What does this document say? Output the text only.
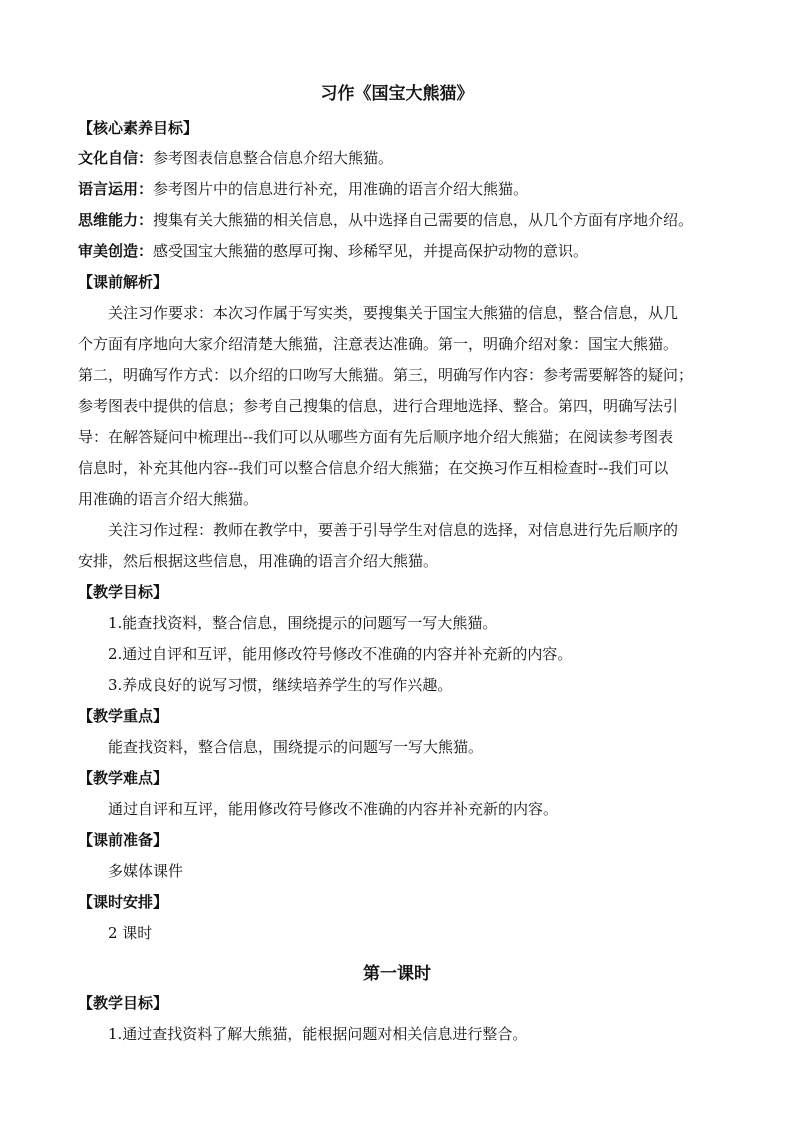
习作《国宝大熊猫》
【核心素养目标】
文化自信：参考图表信息整合信息介绍大熊猫。
语言运用：参考图片中的信息进行补充，用准确的语言介绍大熊猫。
思维能力：搜集有关大熊猫的相关信息，从中选择自己需要的信息，从几个方面有序地介绍。
审美创造：感受国宝大熊猫的憨厚可掬、珍稀罕见，并提高保护动物的意识。
【课前解析】
关注习作要求：本次习作属于写实类，要搜集关于国宝大熊猫的信息，整合信息，从几
个方面有序地向大家介绍清楚大熊猫，注意表达准确。第一，明确介绍对象：国宝大熊猫。
第二，明确写作方式：以介绍的口吻写大熊猫。第三，明确写作内容：参考需要解答的疑问；
参考图表中提供的信息；参考自己搜集的信息，进行合理地选择、整合。第四，明确写法引
导：在解答疑问中梳理出--我们可以从哪些方面有先后顺序地介绍大熊猫；在阅读参考图表
信息时，补充其他内容--我们可以整合信息介绍大熊猫；在交换习作互相检查时--我们可以
用准确的语言介绍大熊猫。
关注习作过程：教师在教学中，要善于引导学生对信息的选择，对信息进行先后顺序的
安排，然后根据这些信息，用准确的语言介绍大熊猫。
【教学目标】
1.能查找资料，整合信息，围绕提示的问题写一写大熊猫。
2.通过自评和互评，能用修改符号修改不准确的内容并补充新的内容。
3.养成良好的说写习惯，继续培养学生的写作兴趣。
【教学重点】
能查找资料，整合信息，围绕提示的问题写一写大熊猫。
【教学难点】
通过自评和互评，能用修改符号修改不准确的内容并补充新的内容。
【课前准备】
多媒体课件
【课时安排】
2 课时
第一课时
【教学目标】
1.通过查找资料了解大熊猫，能根据问题对相关信息进行整合。
